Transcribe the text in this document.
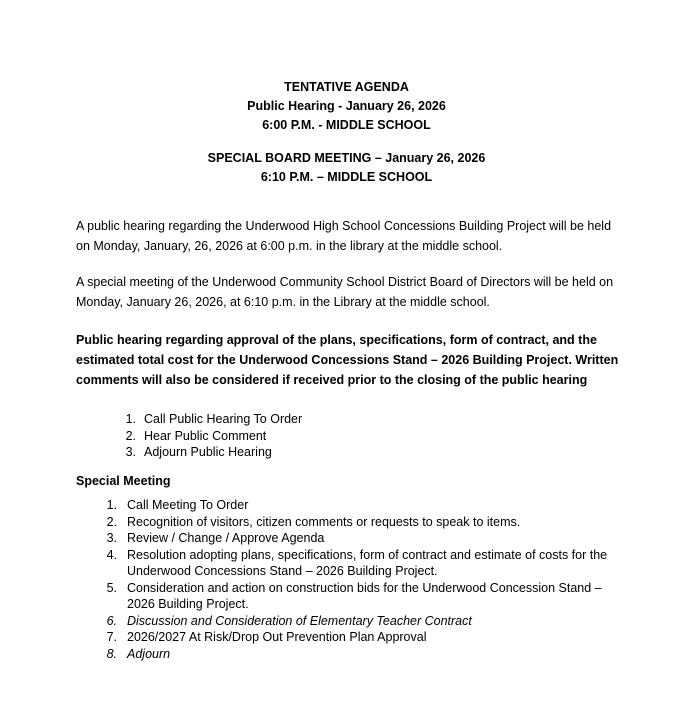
TENTATIVE AGENDA
Public Hearing - January 26, 2026
6:00 P.M. - MIDDLE SCHOOL
SPECIAL BOARD MEETING – January 26, 2026
6:10 P.M. – MIDDLE SCHOOL
A public hearing regarding the Underwood High School Concessions Building Project will be held on Monday, January, 26, 2026 at 6:00 p.m. in the library at the middle school.
A special meeting of the Underwood Community School District Board of Directors will be held on Monday, January 26, 2026, at 6:10 p.m. in the Library at the middle school.
Public hearing regarding approval of the plans, specifications, form of contract, and the estimated total cost for the Underwood Concessions Stand – 2026 Building Project. Written comments will also be considered if received prior to the closing of the public hearing
1. Call Public Hearing To Order
2. Hear Public Comment
3. Adjourn Public Hearing
Special Meeting
1. Call Meeting To Order
2. Recognition of visitors, citizen comments or requests to speak to items.
3. Review / Change / Approve Agenda
4. Resolution adopting plans, specifications, form of contract and estimate of costs for the Underwood Concessions Stand – 2026 Building Project.
5. Consideration and action on construction bids for the Underwood Concession Stand – 2026 Building Project.
6. Discussion and Consideration of Elementary Teacher Contract
7. 2026/2027 At Risk/Drop Out Prevention Plan Approval
8. Adjourn
